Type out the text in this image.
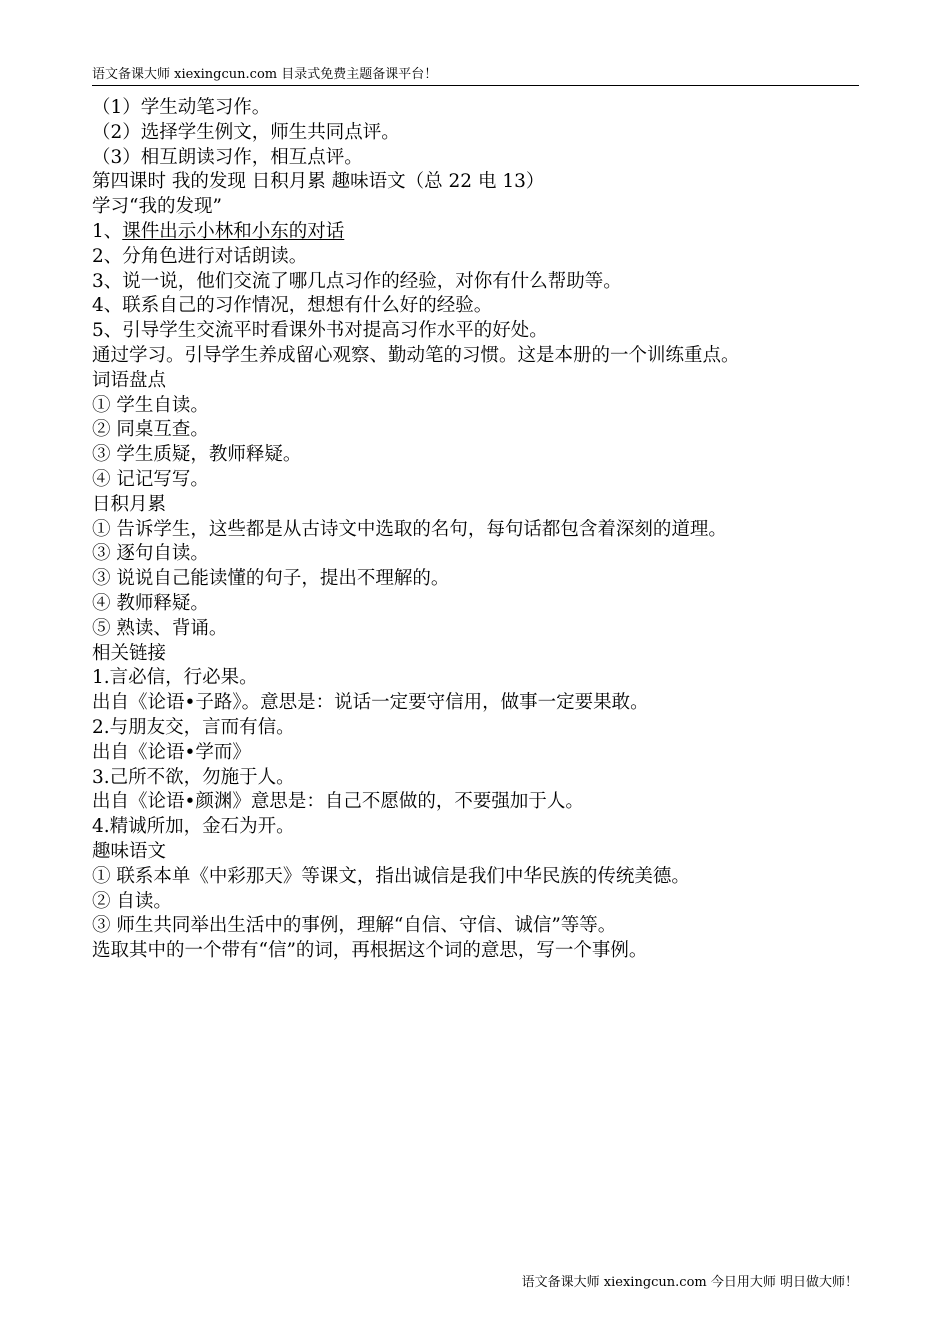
语文备课大师 xiexingcun.com 目录式免费主题备课平台！
（1）学生动笔习作。
（2）选择学生例文，师生共同点评。
（3）相互朗读习作，相互点评。
第四课时 我的发现 日积月累 趣味语文（总 22 电 13）
学习“我的发现”
1、课件出示小林和小东的对话
2、分角色进行对话朗读。
3、说一说，他们交流了哪几点习作的经验，对你有什么帮助等。
4、联系自己的习作情况，想想有什么好的经验。
5、引导学生交流平时看课外书对提高习作水平的好处。
通过学习。引导学生养成留心观察、勤动笔的习惯。这是本册的一个训练重点。
词语盘点
① 学生自读。
② 同桌互查。
③ 学生质疑，教师释疑。
④ 记记写写。
日积月累
① 告诉学生，这些都是从古诗文中选取的名句，每句话都包含着深刻的道理。
③ 逐句自读。
③ 说说自己能读懂的句子，提出不理解的。
④ 教师释疑。
⑤ 熟读、背诵。
相关链接
1.言必信，行必果。
出自《论语•子路》。意思是：说话一定要守信用，做事一定要果敢。
2.与朋友交，言而有信。
出自《论语•学而》
3.己所不欲，勿施于人。
出自《论语•颜渊》意思是：自己不愿做的，不要强加于人。
4.精诚所加，金石为开。
趣味语文
① 联系本单《中彩那天》等课文，指出诚信是我们中华民族的传统美德。
② 自读。
③ 师生共同举出生活中的事例，理解“自信、守信、诚信”等等。
选取其中的一个带有“信”的词，再根据这个词的意思，写一个事例。
语文备课大师 xiexingcun.com 今日用大师 明日做大师！
